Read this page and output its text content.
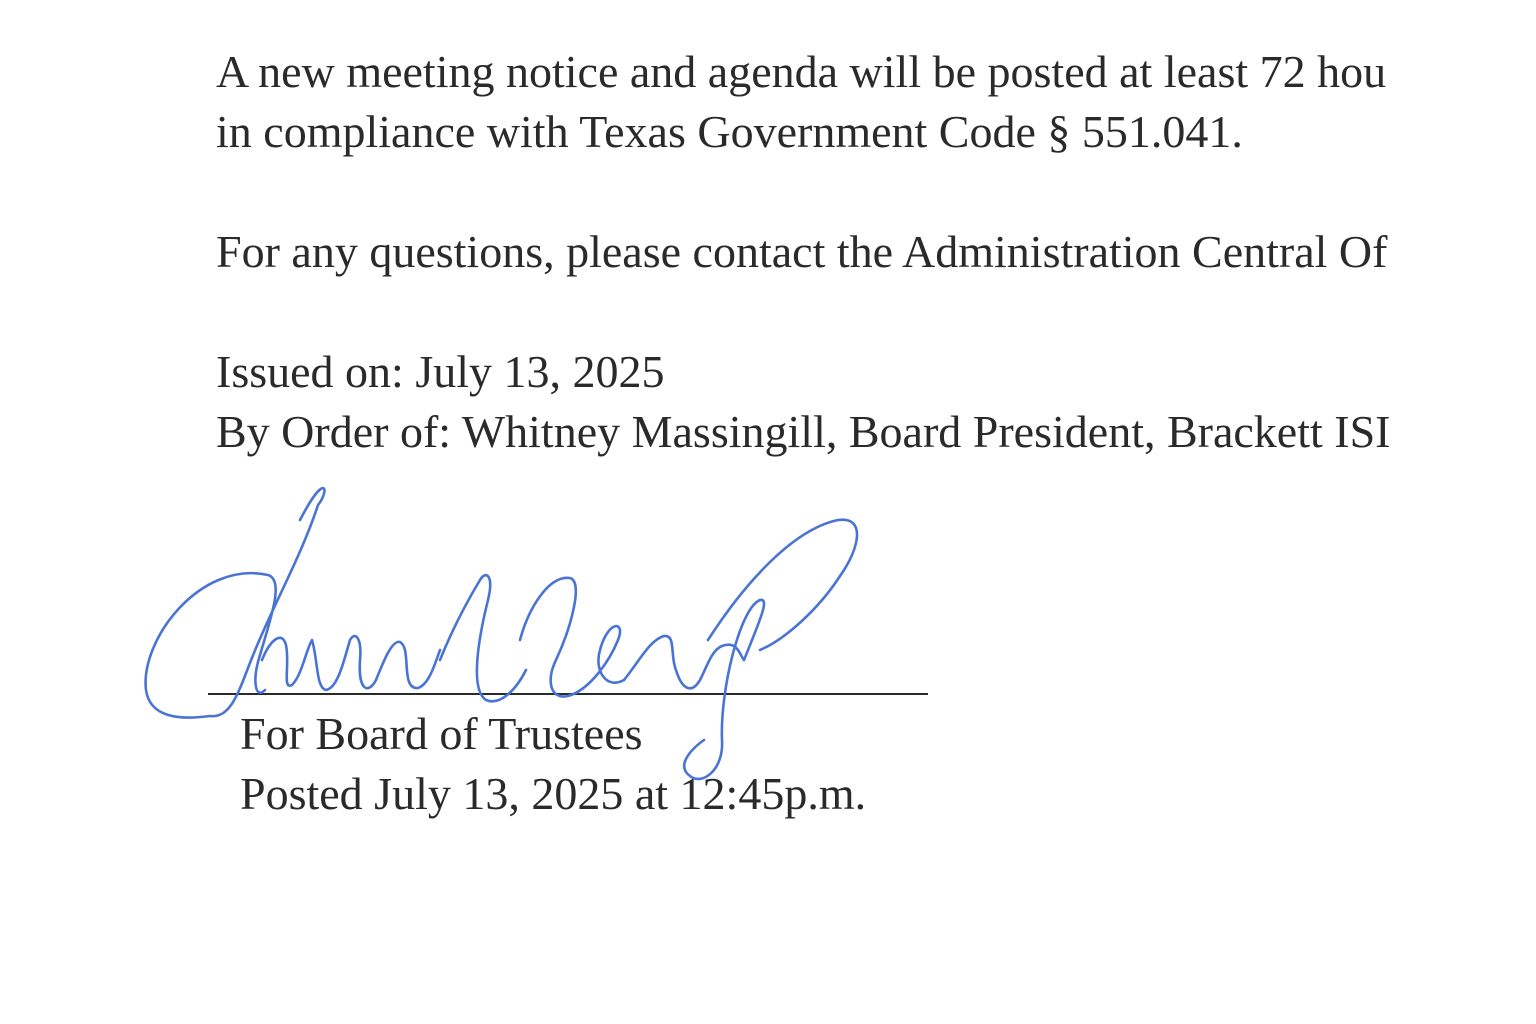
A new meeting notice and agenda will be posted at least 72 hou

in compliance with Texas Government Code § 551.041.

For any questions, please contact the Administration Central Of

Issued on: July 13, 2025

By Order of: Whitney Massingill, Board President, Brackett ISI

For Board of Trustees

Posted July 13, 2025 at 12:45p.m.
